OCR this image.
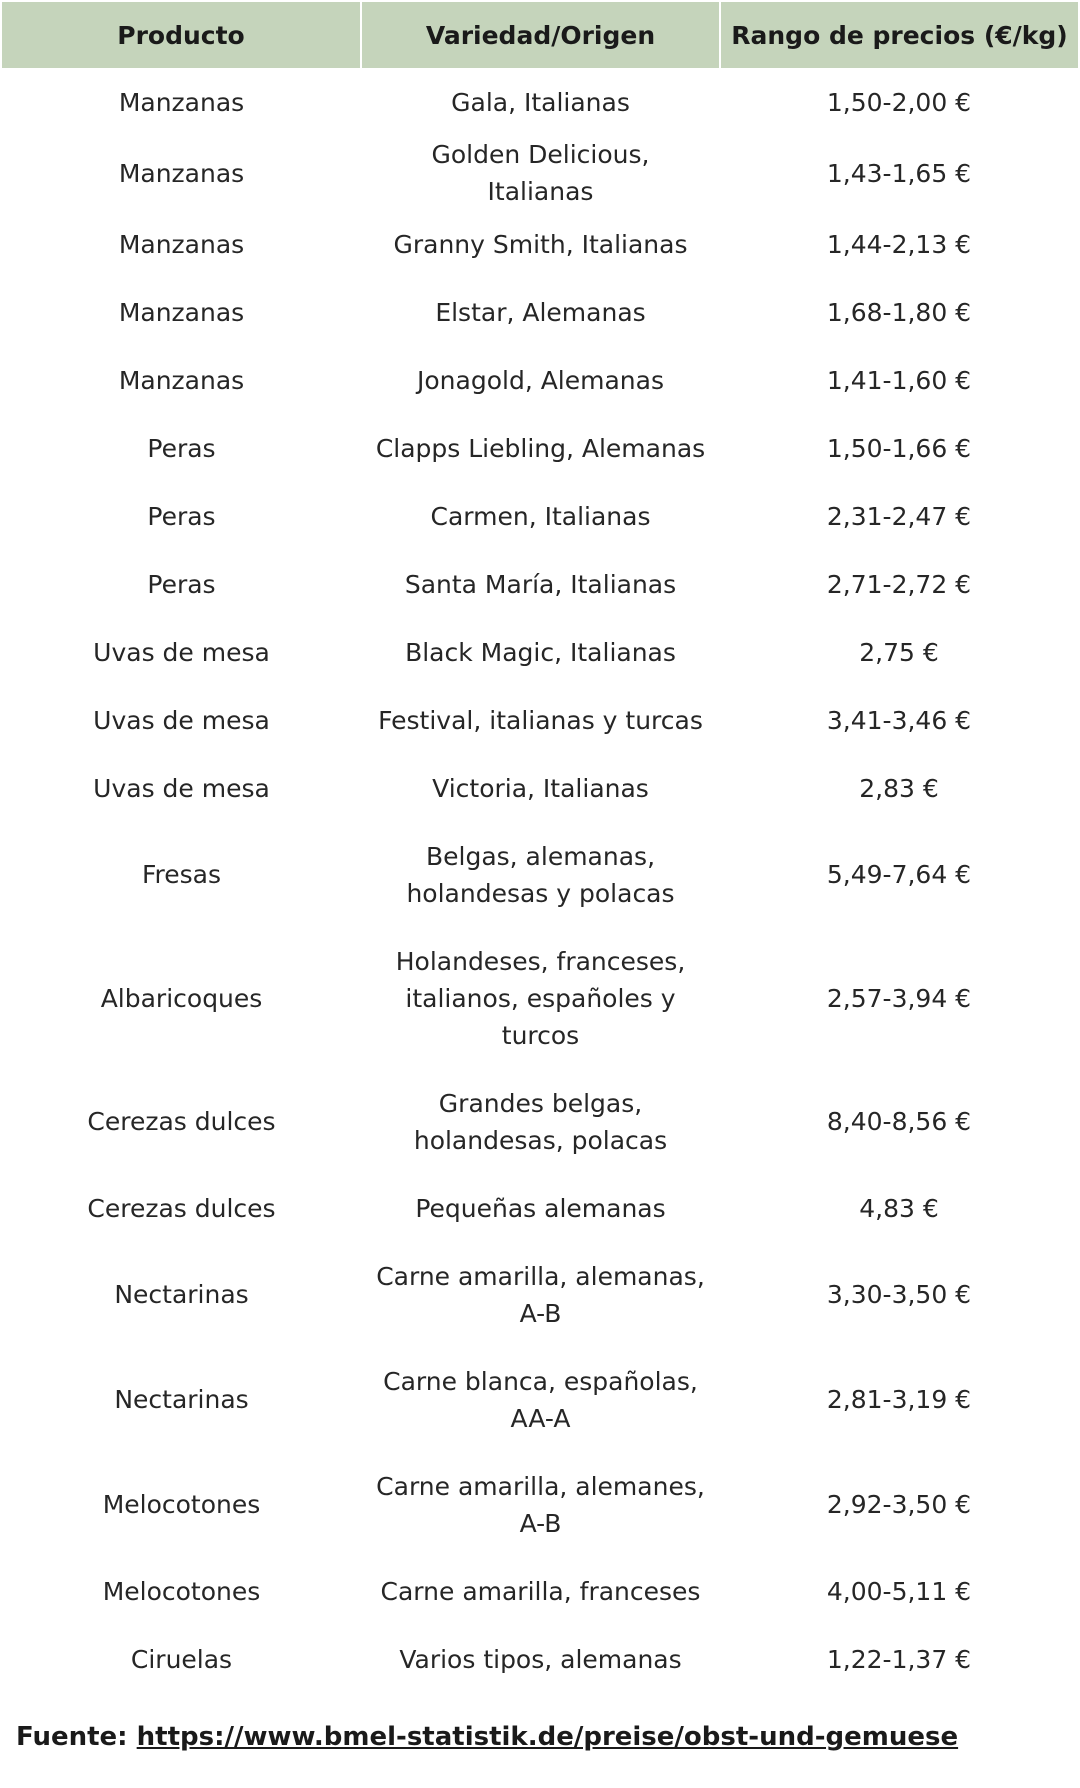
Producto	Variedad/Origen	Rango de precios (€/kg)
Manzanas	Gala, Italianas	1,50-2,00 €
Manzanas	Golden Delicious, Italianas	1,43-1,65 €
Manzanas	Granny Smith, Italianas	1,44-2,13 €
Manzanas	Elstar, Alemanas	1,68-1,80 €
Manzanas	Jonagold, Alemanas	1,41-1,60 €
Peras	Clapps Liebling, Alemanas	1,50-1,66 €
Peras	Carmen, Italianas	2,31-2,47 €
Peras	Santa María, Italianas	2,71-2,72 €
Uvas de mesa	Black Magic, Italianas	2,75 €
Uvas de mesa	Festival, italianas y turcas	3,41-3,46 €
Uvas de mesa	Victoria, Italianas	2,83 €
Fresas	Belgas, alemanas, holandesas y polacas	5,49-7,64 €
Albaricoques	Holandeses, franceses, italianos, españoles y turcos	2,57-3,94 €
Cerezas dulces	Grandes belgas, holandesas, polacas	8,40-8,56 €
Cerezas dulces	Pequeñas alemanas	4,83 €
Nectarinas	Carne amarilla, alemanas, A-B	3,30-3,50 €
Nectarinas	Carne blanca, españolas, AA-A	2,81-3,19 €
Melocotones	Carne amarilla, alemanes, A-B	2,92-3,50 €
Melocotones	Carne amarilla, franceses	4,00-5,11 €
Ciruelas	Varios tipos, alemanas	1,22-1,37 €
Fuente: https://www.bmel-statistik.de/preise/obst-und-gemuese
